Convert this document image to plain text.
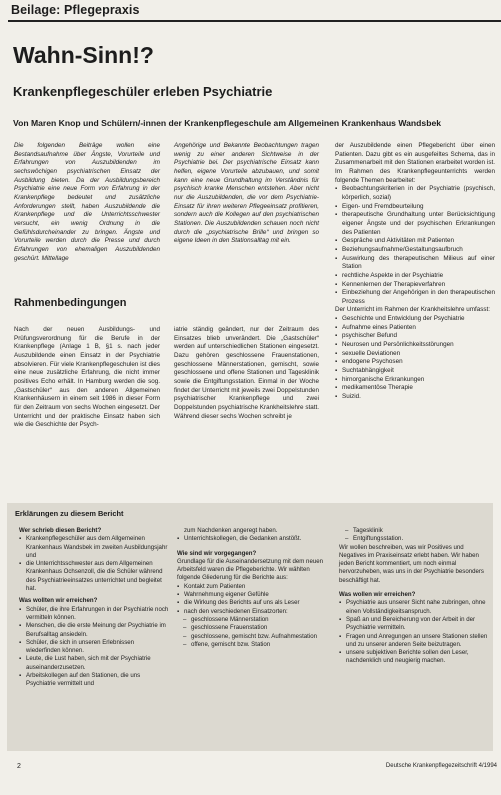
Beilage: Pflegepraxis
Wahn-Sinn!?
Krankenpflegeschüler erleben Psychiatrie
Von Maren Knop und Schülern/-innen der Krankenpflegeschule am Allgemeinen Krankenhaus Wandsbek

Die folgenden Beiträge wollen eine Bestandsaufnahme über Ängste, Vorurteile und Erfahrungen von Auszubildenden im sechswöchigen psychiatrischen Einsatz der Ausbildung bieten. Da der Ausbildungsbereich Psychiatrie eine neue Form von Erfahrung in der Krankenpflege bedeutet und zusätzliche Anforderungen stellt, haben Auszubildende die Krankenpflege und die Unterrichtsschwester versucht, ein wenig Ordnung in die Gefühlsdurcheinander zu bringen. Ängste und Vorurteile werden durch die Presse und durch Erfahrungen von ehemaligen Auszubildenden geschürt. Mittellage

Angehörige und Bekannte Beobachtungen tragen wenig zu einer anderen Sichtweise in der Psychiatrie bei. Der psychiatrische Einsatz kann helfen, eigene Vorurteile abzubauen, und somit kann eine neue Grundhaltung im Verständnis für psychisch kranke Menschen entstehen. Aber nicht nur die Auszubildenden, die vor dem Psychiatrie-Einsatz für ihren weiteren Pflegeeinsatz profitieren, sondern auch die Kollegen auf den psychiatrischen Stationen. Die Auszubildenden schauen noch nicht durch die „psychiatrische Brille“ und bringen so eigene Ideen in den Stationsalltag mit ein.

der Auszubildende einen Pflegebericht über einen Patienten. Dazu gibt es ein ausgefeiltes Schema, das in Zusammenarbeit mit den Stationen erarbeitet worden ist. Im Rahmen des Krankenpflegeunterrichts werden folgende Themen bearbeitet:

▪ Beobachtungskriterien in der Psychiatrie (psychisch, körperlich, sozial)
▪ Eigen- und Fremdbeurteilung
▪ therapeutische Grundhaltung unter Berücksichtigung eigener Ängste und der psychischen Erkrankungen des Patienten
▪ Gespräche und Aktivitäten mit Patienten
▪ Beziehungsaufnahme/Gestaltungsaufbruch
▪ Auswirkung des therapeutischen Milieus auf einer Station
▪ rechtliche Aspekte in der Psychiatrie
▪ Kennenlernen der Therapieverfahren
▪ Einbeziehung der Angehörigen in den therapeutischen Prozess

Der Unterricht im Rahmen der Krankheitslehre umfasst:

▪ Geschichte und Entwicklung der Psychiatrie
▪ Aufnahme eines Patienten
▪ psychischer Befund
▪ Neurosen und Persönlichkeitsstörungen
▪ sexuelle Deviationen
▪ endogene Psychosen
▪ Suchtabhängigkeit
▪ hirnorganische Erkrankungen
▪ medikamentöse Therapie
▪ Suizid.
Rahmenbedingungen

Nach der neuen Ausbildungs- und Prüfungsverordnung für die Berufe in der Krankenpflege (Anlage 1 B, §1 s. nach jeder Auszubildende einen Einsatz in der Psychiatrie absolvieren. Für viele Krankenpflegeschulen ist dies eine neue zusätzliche Erfahrung, die nicht immer positives Echo erhält. In Hamburg werden die sog. „Gastschüler“ aus den anderen Allgemeinen Krankenhäusern in einem seit 1986 in dieser Form für den Zeitraum von sechs Wochen eingesetzt. Der Unterricht und der praktische Einsatz haben sich wie die Geschichte der Psych-

iatrie ständig geändert, nur der Zeitraum des Einsatzes blieb unverändert. Die „Gastschüler“ werden auf unterschiedlichen Stationen eingesetzt. Dazu gehören geschlossene Frauenstationen, geschlossene Männerstationen, gemischt, sowie geschlossene und offene Stationen und Tagesklinik sowie die Entgiftungsstation. Einmal in der Woche findet der Unterricht mit jeweils zwei Doppelstunden psychiatrischer Krankenpflege und zwei Doppelstunden psychiatrische Krankheitslehre statt. Während dieser sechs Wochen schreibt je

Erklärungen zu diesem Bericht

Wer schrieb diesen Bericht?

▪ Krankenpflegeschüler aus dem Allgemeinen Krankenhaus Wandsbek im zweiten Ausbildungsjahr und
▪ die Unterrichtsschwester aus dem Allgemeinen Krankenhaus Ochsenzoll, die die Schüler während des Psychiatrieeinsatzes unterrichtet und begleitet hat.

Was wollten wir erreichen?

▪ Schüler, die ihre Erfahrungen in der Psychiatrie noch vermitteln können.
▪ Menschen, die die erste Meinung der Psychiatrie im Berufsalltag ansiedeln.
▪ Schüler, die sich in unseren Erlebnissen wiederfinden können.
▪ Leute, die Lust haben, sich mit der Psychiatrie auseinanderzusetzen.
▪ Arbeitskollegen auf den Stationen, die uns Psychiatrie vermittelt und

zum Nachdenken angeregt haben.

▪ Unterrichtskollegen, die Gedanken anstößt.

Wie sind wir vorgegangen?

Grundlage für die Auseinandersetzung mit dem neuen Arbeitsfeld waren die Pflegeberichte. Wir wählten folgende Gliederung für die Berichte aus:

▪ Kontakt zum Patienten
▪ Wahrnehmung eigener Gefühle
▪ die Wirkung des Berichts auf uns als Leser
▪ nach den verschiedenen Einsatzorten:
– geschlossene Männerstation
– geschlossene Frauenstation
– geschlossene, gemischt bzw. Aufnahmestation
– offene, gemischt bzw. Station
– Tagesklinik
– Entgiftungsstation.

Wir wollen beschreiben, was wir Positives und Negatives im Praxiseinsatz erlebt haben. Wir haben jeden Bericht kommentiert, um noch einmal hervorzuheben, was uns in der Psychiatrie besonders beschäftigt hat.

Was wollen wir erreichen?

▪ Psychiatrie aus unserer Sicht nahe zubringen, ohne einen Vollständigkeitsanspruch.
▪ Spaß an und Bereicherung von der Arbeit in der Psychiatrie vermitteln.
▪ Fragen und Anregungen an unsere Stationen stellen und zu unserer anderen Seite beizutragen.
▪ unsere subjektiven Berichte sollen den Leser, nachdenklich und neugierig machen.
2	Deutsche Krankenpflegezeitschrift 4/1994
